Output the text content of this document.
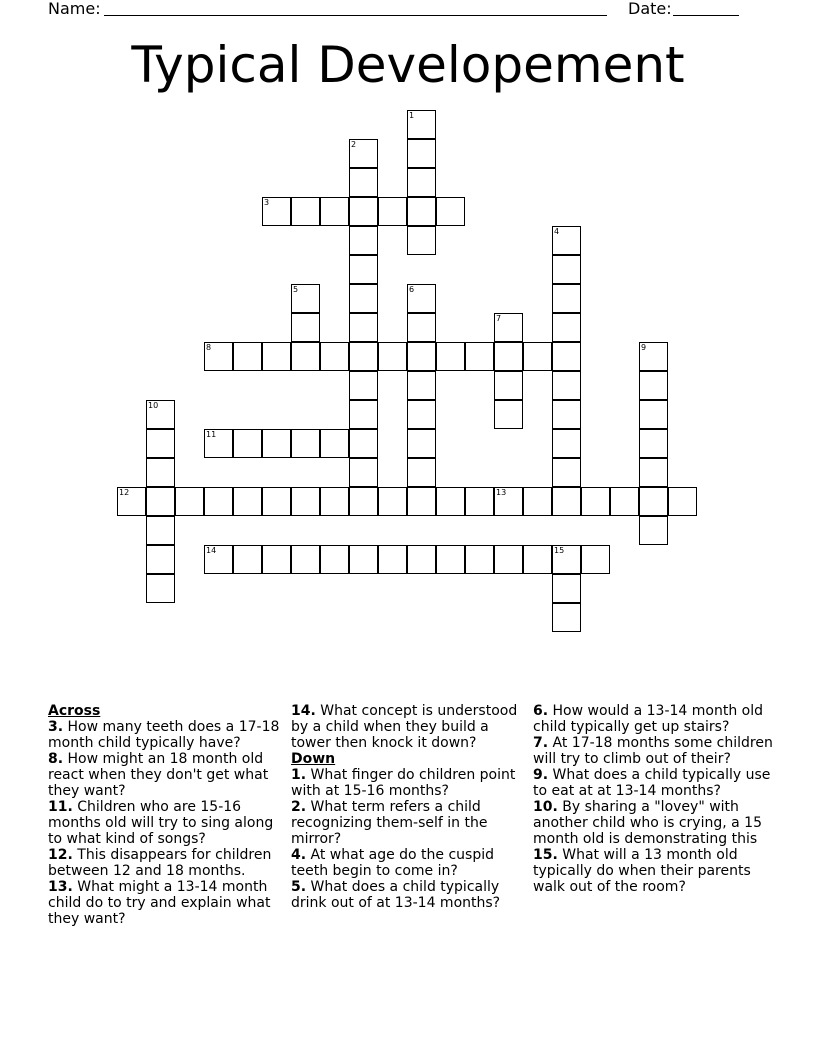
Name:	Date:
Typical Developement
1
2
3
4
5	6
7
8	9
10
11
12	13
14	15
Across
3. How many teeth does a 17-18 month child typically have?
8. How might an 18 month old react when they don't get what they want?
11. Children who are 15-16 months old will try to sing along to what kind of songs?
12. This disappears for children between 12 and 18 months.
13. What might a 13-14 month child do to try and explain what they want?
14. What concept is understood by a child when they build a tower then knock it down?
Down
1. What finger do children point with at 15-16 months?
2. What term refers a child recognizing them-self in the mirror?
4. At what age do the cuspid teeth begin to come in?
5. What does a child typically drink out of at 13-14 months?
6. How would a 13-14 month old child typically get up stairs?
7. At 17-18 months some children will try to climb out of their?
9. What does a child typically use to eat at at 13-14 months?
10. By sharing a "lovey" with another child who is crying, a 15 month old is demonstrating this
15. What will a 13 month old typically do when their parents walk out of the room?
